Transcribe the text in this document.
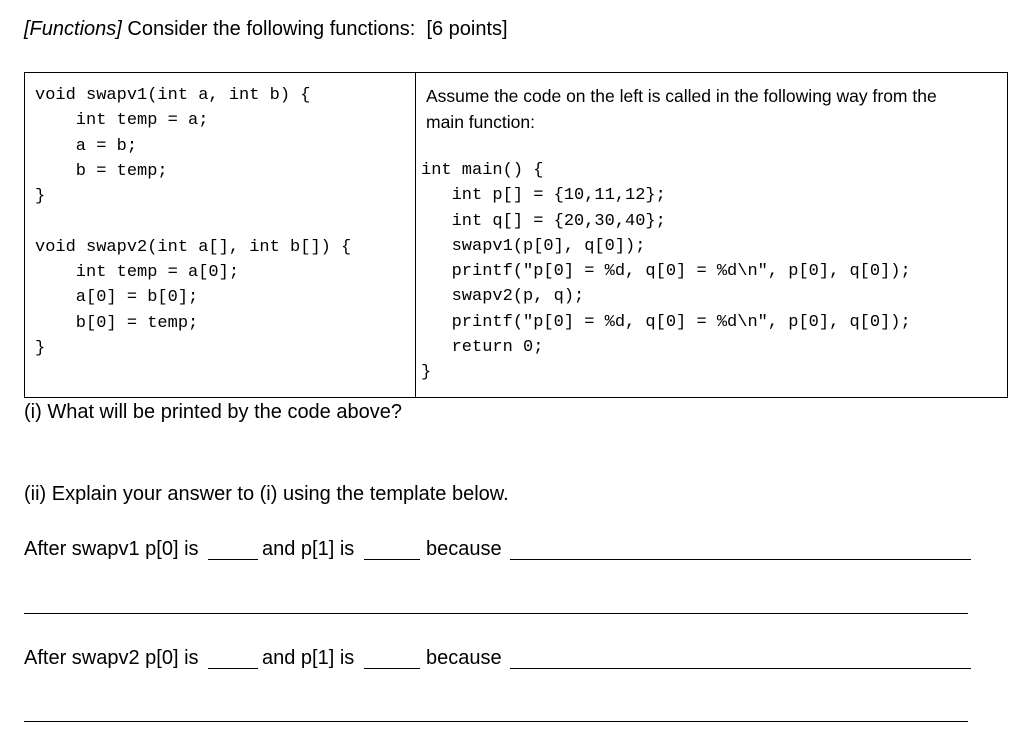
[Functions] Consider the following functions:  [6 points]
void swapv1(int a, int b) {
int temp = a;
a = b;
b = temp;
}

void swapv2(int a[], int b[]) {
int temp = a[0];
a[0] = b[0];
b[0] = temp;
}
Assume the code on the left is called in the following way from the main function:
int main() {
int p[] = {10,11,12};
int q[] = {20,30,40};
swapv1(p[0], q[0]);
printf("p[0] = %d, q[0] = %d\n", p[0], q[0]);
swapv2(p, q);
printf("p[0] = %d, q[0] = %d\n", p[0], q[0]);
return 0;
}
(i) What will be printed by the code above?
(ii) Explain your answer to (i) using the template below.
After swapv1 p[0] is	and p[1] is	because
After swapv2 p[0] is	and p[1] is	because
